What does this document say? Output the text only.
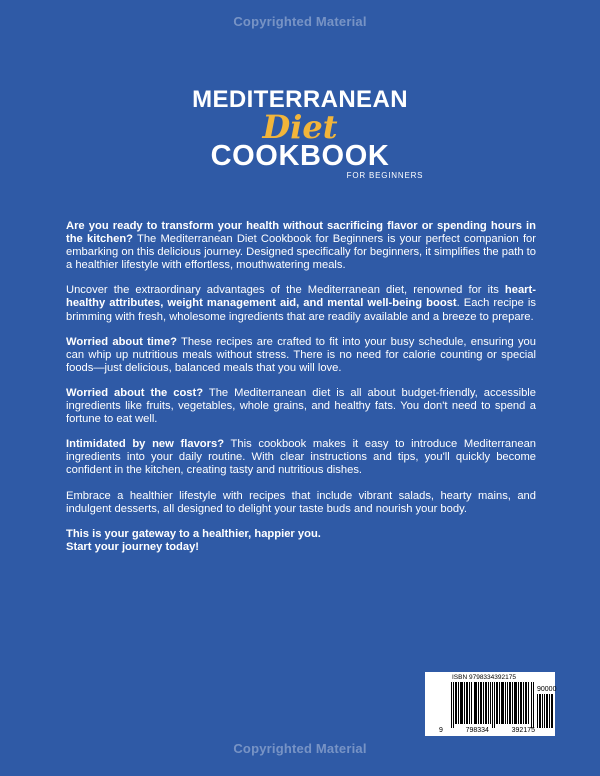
Copyrighted Material
MEDITERRANEAN
Diet
COOKBOOK
FOR BEGINNERS

Are you ready to transform your health without sacrificing flavor or spending hours in the kitchen? The Mediterranean Diet Cookbook for Beginners is your perfect companion for embarking on this delicious journey. Designed specifically for beginners, it simplifies the path to a healthier lifestyle with effortless, mouthwatering meals.

Uncover the extraordinary advantages of the Mediterranean diet, renowned for its heart-healthy attributes, weight management aid, and mental well-being boost. Each recipe is brimming with fresh, wholesome ingredients that are readily available and a breeze to prepare.

Worried about time? These recipes are crafted to fit into your busy schedule, ensuring you can whip up nutritious meals without stress. There is no need for calorie counting or special foods—just delicious, balanced meals that you will love.

Worried about the cost? The Mediterranean diet is all about budget-friendly, accessible ingredients like fruits, vegetables, whole grains, and healthy fats. You don't need to spend a fortune to eat well.

Intimidated by new flavors? This cookbook makes it easy to introduce Mediterranean ingredients into your daily routine. With clear instructions and tips, you'll quickly become confident in the kitchen, creating tasty and nutritious dishes.

Embrace a healthier lifestyle with recipes that include vibrant salads, hearty mains, and indulgent desserts, all designed to delight your taste buds and nourish your body.

This is your gateway to a healthier, happier you.
Start your journey today!

ISBN 9798334392175
90000
9	798334	392175
Copyrighted Material
